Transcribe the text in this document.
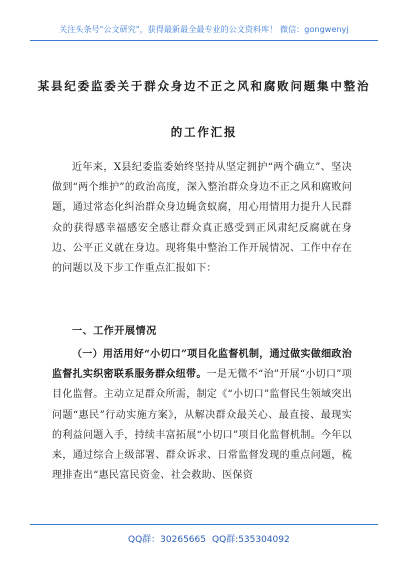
关注头条号"公文研究"，获得最新最全最专业的公文资料库！ 微信：gongwenyj
某县纪委监委关于群众身边不正之风和腐败问题集中整治
的工作汇报

近年来，X县纪委监委始终坚持从坚定拥护“两个确立”、坚决做到“两个维护”的政治高度，深入整治群众身边不正之风和腐败问题，通过常态化纠治群众身边蝇贪蚁腐，用心用情用力提升人民群众的获得感幸福感安全感让群众真正感受到正风肃纪反腐就在身边、公平正义就在身边。现将集中整治工作开展情况、工作中存在的问题以及下步工作重点汇报如下：

一、工作开展情况

（一）用活用好“小切口”项目化监督机制，通过做实做细政治监督扎实织密联系服务群众纽带。一是无微不“治”开展“小切口”项目化监督。主动立足群众所需，制定《“小切口”监督民生领域突出问题“惠民”行动实施方案》，从解决群众最关心、最直接、最现实的利益问题入手，持续丰富拓展“小切口”项目化监督机制。今年以来，通过综合上级部署、群众诉求、日常监督发现的重点问题，梳理排查出“惠民富民资金、社会救助、医保资

QQ群：30265665 QQ群:535304092
